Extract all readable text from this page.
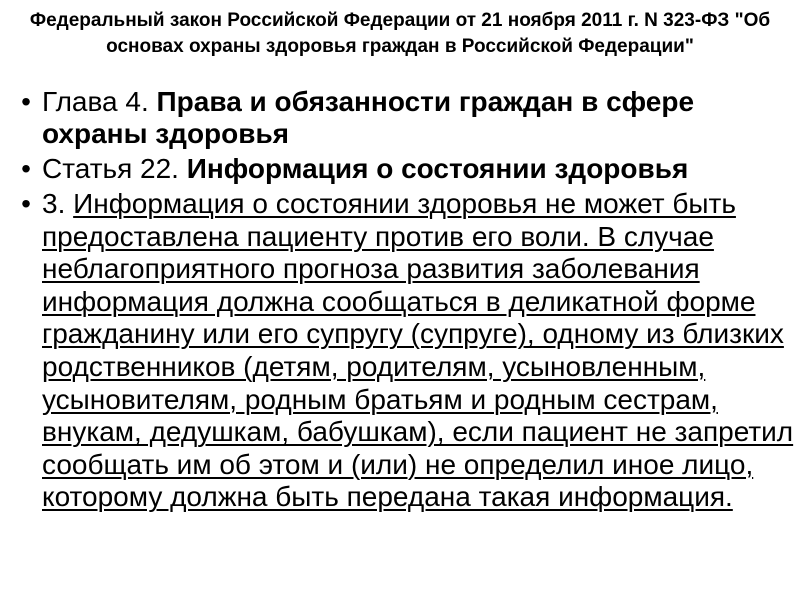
Федеральный закон Российской Федерации от 21 ноября 2011 г. N 323-ФЗ "Об основах охраны здоровья граждан в Российской Федерации"
• Глава 4. Права и обязанности граждан в сфере охраны здоровья
• Статья 22. Информация о состоянии здоровья
• 3. Информация о состоянии здоровья не может быть предоставлена пациенту против его воли. В случае неблагоприятного прогноза развития заболевания информация должна сообщаться в деликатной форме гражданину или его супругу (супруге), одному из близких родственников (детям, родителям, усыновленным, усыновителям, родным братьям и родным сестрам, внукам, дедушкам, бабушкам), если пациент не запретил сообщать им об этом и (или) не определил иное лицо, которому должна быть передана такая информация.
